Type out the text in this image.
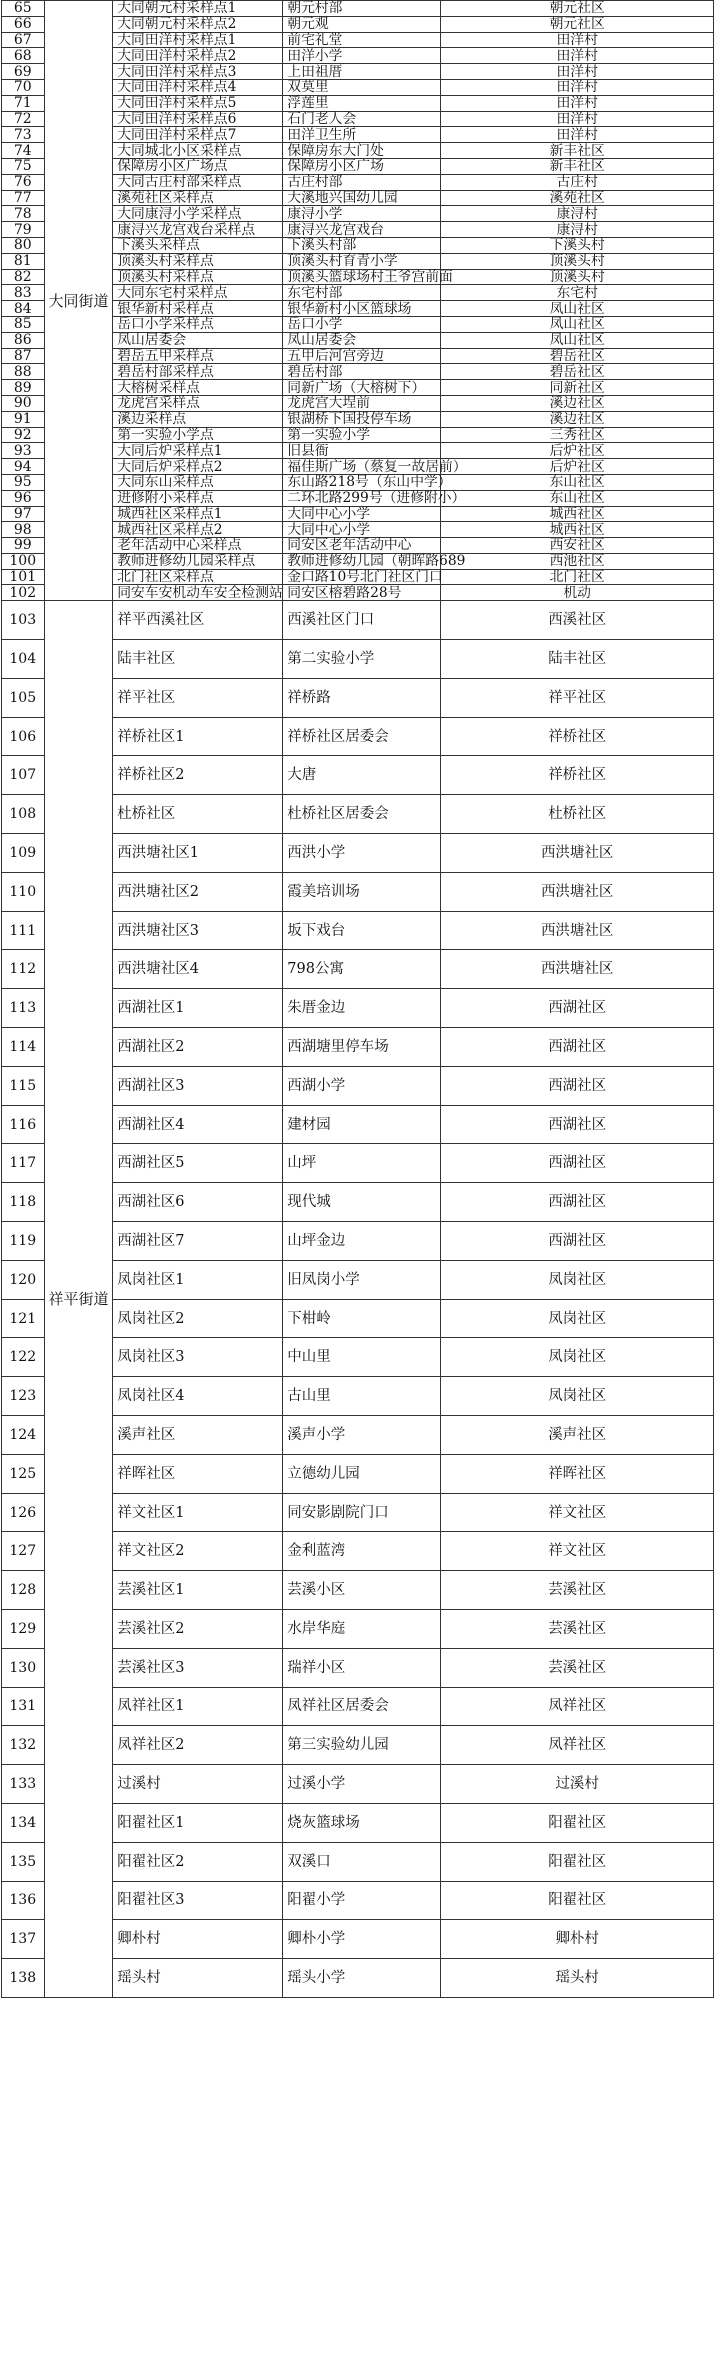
65	大同街道	大同朝元村采样点1	朝元村部	朝元社区
66		大同朝元村采样点2	朝元观	朝元社区
67		大同田洋村采样点1	前宅礼堂	田洋村
68		大同田洋村采样点2	田洋小学	田洋村
69		大同田洋村采样点3	上田祖厝	田洋村
70		大同田洋村采样点4	双莫里	田洋村
71		大同田洋村采样点5	浮莲里	田洋村
72		大同田洋村采样点6	石门老人会	田洋村
73		大同田洋村采样点7	田洋卫生所	田洋村
74		大同城北小区采样点	保障房东大门处	新丰社区
75		保障房小区广场点	保障房小区广场	新丰社区
76		大同古庄村部采样点	古庄村部	古庄村
77		溪苑社区采样点	大溪地兴国幼儿园	溪苑社区
78		大同康浔小学采样点	康浔小学	康浔村
79		康浔兴龙宫戏台采样点	康浔兴龙宫戏台	康浔村
80		下溪头采样点	下溪头村部	下溪头村
81		顶溪头村采样点	顶溪头村育青小学	顶溪头村
82		顶溪头村采样点	顶溪头篮球场村王爷宫前面	顶溪头村
83		大同东宅村采样点	东宅村部	东宅村
84		银华新村采样点	银华新村小区篮球场	凤山社区
85		岳口小学采样点	岳口小学	凤山社区
86		凤山居委会	凤山居委会	凤山社区
87		碧岳五甲采样点	五甲后河宫旁边	碧岳社区
88		碧岳村部采样点	碧岳村部	碧岳社区
89		大榕树采样点	同新广场（大榕树下）	同新社区
90		龙虎宫采样点	龙虎宫大埕前	溪边社区
91		溪边采样点	银湖桥下国投停车场	溪边社区
92		第一实验小学点	第一实验小学	三秀社区
93		大同后炉采样点1	旧县衙	后炉社区
94		大同后炉采样点2	福佳斯广场（蔡复一故居前）	后炉社区
95		大同东山采样点	东山路218号（东山中学）	东山社区
96		进修附小采样点	二环北路299号（进修附小）	东山社区
97		城西社区采样点1	大同中心小学	城西社区
98		城西社区采样点2	大同中心小学	城西社区
99		老年活动中心采样点	同安区老年活动中心	西安社区
100		教师进修幼儿园采样点	教师进修幼儿园（朝晖路689	西池社区
101		北门社区采样点	金口路10号北门社区门口	北门社区
102		同安车安机动车安全检测站	同安区榕碧路28号	机动
103	祥平街道	祥平西溪社区	西溪社区门口	西溪社区
104		陆丰社区	第二实验小学	陆丰社区
105		祥平社区	祥桥路	祥平社区
106		祥桥社区1	祥桥社区居委会	祥桥社区
107		祥桥社区2	大唐	祥桥社区
108		杜桥社区	杜桥社区居委会	杜桥社区
109		西洪塘社区1	西洪小学	西洪塘社区
110		西洪塘社区2	霞美培训场	西洪塘社区
111		西洪塘社区3	坂下戏台	西洪塘社区
112		西洪塘社区4	798公寓	西洪塘社区
113		西湖社区1	朱厝金边	西湖社区
114		西湖社区2	西湖塘里停车场	西湖社区
115		西湖社区3	西湖小学	西湖社区
116		西湖社区4	建材园	西湖社区
117		西湖社区5	山坪	西湖社区
118		西湖社区6	现代城	西湖社区
119		西湖社区7	山坪金边	西湖社区
120		凤岗社区1	旧凤岗小学	凤岗社区
121		凤岗社区2	下柑岭	凤岗社区
122		凤岗社区3	中山里	凤岗社区
123		凤岗社区4	古山里	凤岗社区
124		溪声社区	溪声小学	溪声社区
125		祥晖社区	立德幼儿园	祥晖社区
126		祥文社区1	同安影剧院门口	祥文社区
127		祥文社区2	金利蓝湾	祥文社区
128		芸溪社区1	芸溪小区	芸溪社区
129		芸溪社区2	水岸华庭	芸溪社区
130		芸溪社区3	瑞祥小区	芸溪社区
131		凤祥社区1	凤祥社区居委会	凤祥社区
132		凤祥社区2	第三实验幼儿园	凤祥社区
133		过溪村	过溪小学	过溪村
134		阳翟社区1	烧灰篮球场	阳翟社区
135		阳翟社区2	双溪口	阳翟社区
136		阳翟社区3	阳翟小学	阳翟社区
137		卿朴村	卿朴小学	卿朴村
138		瑶头村	瑶头小学	瑶头村
